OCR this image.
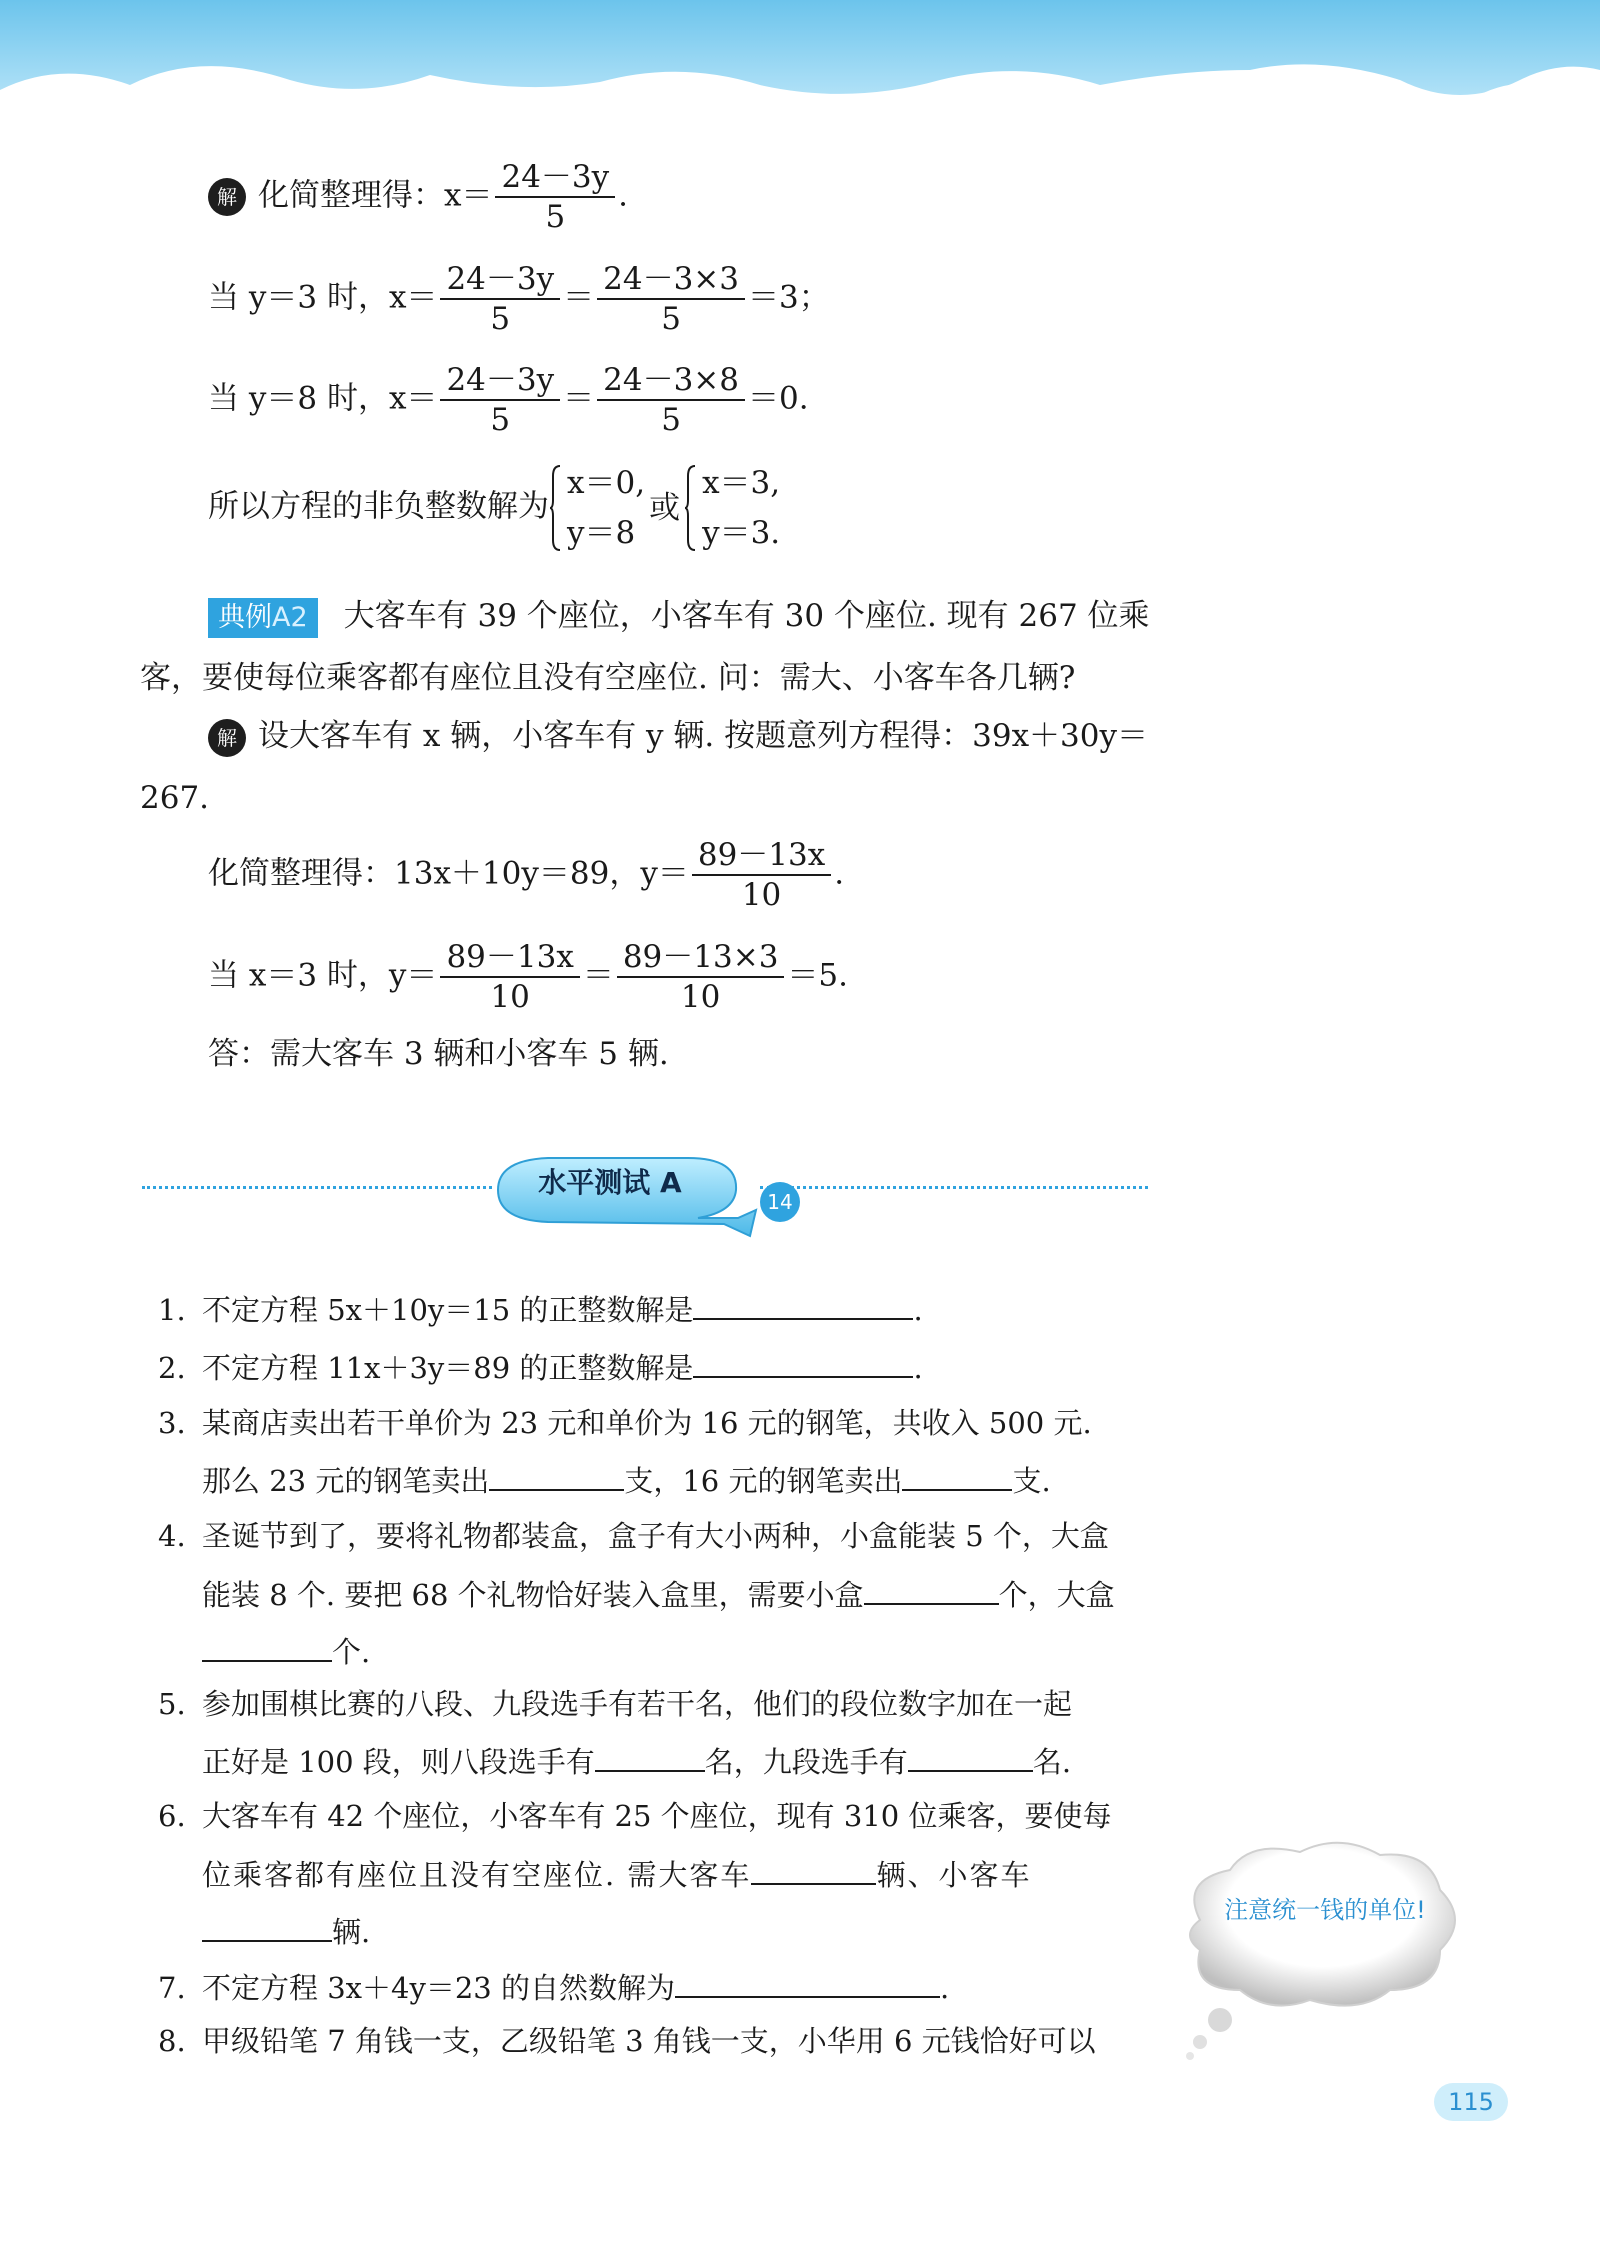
解 化简整理得：$x= \frac{24-3y}{5}$ .
当 y＝3 时，$x= \frac{24-3y}{5} = \frac{24-3\times 3}{5} =3$；
当 y＝8 时，$x= \frac{24-3y}{5} = \frac{24-3\times 8}{5} =0$.
所以方程的非负整数解为
x＝0,
y＝8
或
x＝3,
y＝3.
典例A2 大客车有 39 个座位，小客车有 30 个座位. 现有 267 位乘
客，要使每位乘客都有座位且没有空座位. 问：需大、小客车各几辆?
解 设大客车有 x 辆，小客车有 y 辆. 按题意列方程得：39x＋30y＝
267.
化简整理得：13x＋10y＝89，$y= \frac{89-13x}{10}$ .
当 x＝3 时，$y= \frac{89-13x}{10} = \frac{89-13\times 3}{10} =5$.
答：需大客车 3 辆和小客车 5 辆.
水平测试 A
14
1. 不定方程 5x＋10y＝15 的正整数解是	.
2. 不定方程 11x＋3y＝89 的正整数解是	.
3. 某商店卖出若干单价为 23 元和单价为 16 元的钢笔，共收入 500 元.
那么 23 元的钢笔卖出	支，16 元的钢笔卖出	支.
4. 圣诞节到了，要将礼物都装盒，盒子有大小两种，小盒能装 5 个，大盒
能装 8 个. 要把 68 个礼物恰好装入盒里，需要小盒	个，大盒
个.
5. 参加围棋比赛的八段、九段选手有若干名，他们的段位数字加在一起
正好是 100 段，则八段选手有	名，九段选手有	名.
6. 大客车有 42 个座位，小客车有 25 个座位，现有 310 位乘客，要使每
位乘客都有座位且没有空座位. 需大客车	辆、小客车
辆.
7. 不定方程 3x＋4y＝23 的自然数解为	.
8. 甲级铅笔 7 角钱一支，乙级铅笔 3 角钱一支，小华用 6 元钱恰好可以
注意统一钱的单位!
115
